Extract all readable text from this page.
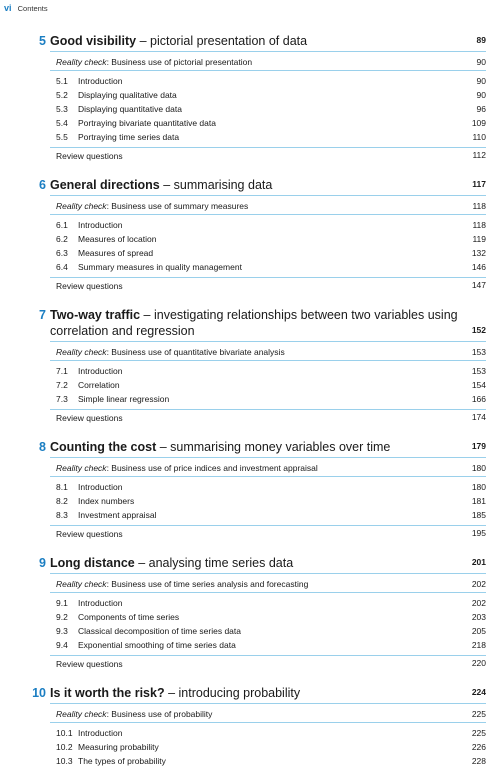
vi Contents
5 Good visibility – pictorial presentation of data	89
Reality check: Business use of pictorial presentation	90
5.1 Introduction	90
5.2 Displaying qualitative data	90
5.3 Displaying quantitative data	96
5.4 Portraying bivariate quantitative data	109
5.5 Portraying time series data	110
Review questions	112
6 General directions – summarising data	117
Reality check: Business use of summary measures	118
6.1 Introduction	118
6.2 Measures of location	119
6.3 Measures of spread	132
6.4 Summary measures in quality management	146
Review questions	147
7 Two-way traffic – investigating relationships between two variables using correlation and regression	152
Reality check: Business use of quantitative bivariate analysis	153
7.1 Introduction	153
7.2 Correlation	154
7.3 Simple linear regression	166
Review questions	174
8 Counting the cost – summarising money variables over time	179
Reality check: Business use of price indices and investment appraisal	180
8.1 Introduction	180
8.2 Index numbers	181
8.3 Investment appraisal	185
Review questions	195
9 Long distance – analysing time series data	201
Reality check: Business use of time series analysis and forecasting	202
9.1 Introduction	202
9.2 Components of time series	203
9.3 Classical decomposition of time series data	205
9.4 Exponential smoothing of time series data	218
Review questions	220
10 Is it worth the risk? – introducing probability	224
Reality check: Business use of probability	225
10.1 Introduction	225
10.2 Measuring probability	226
10.3 The types of probability	228
